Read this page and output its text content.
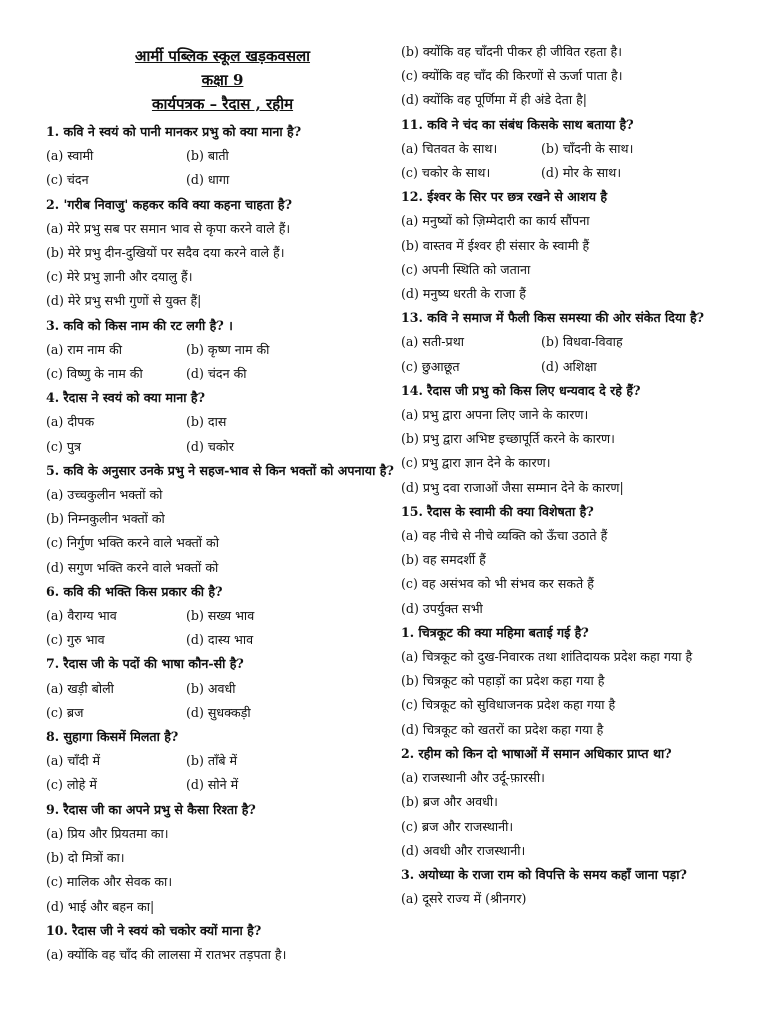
आर्मी पब्लिक स्कूल खड़कवसला
कक्षा 9
कार्यपत्रक – रैदास , रहीम
1. कवि ने स्वयं को पानी मानकर प्रभु को क्या माना है?
(a) स्वामी	(b) बाती
(c) चंदन	(d) धागा
2. 'गरीब निवाजु' कहकर कवि क्या कहना चाहता है?
(a) मेरे प्रभु सब पर समान भाव से कृपा करने वाले हैं।
(b) मेरे प्रभु दीन-दुखियों पर सदैव दया करने वाले हैं।
(c) मेरे प्रभु ज्ञानी और दयालु हैं।
(d) मेरे प्रभु सभी गुणों से युक्त हैं|
3. कवि को किस नाम की रट लगी है? ।
(a) राम नाम की	(b) कृष्ण नाम की
(c) विष्णु के नाम की	(d) चंदन की
4. रैदास ने स्वयं को क्या माना है?
(a) दीपक	(b) दास
(c) पुत्र	(d) चकोर
5. कवि के अनुसार उनके प्रभु ने सहज-भाव से किन भक्तों को अपनाया है?
(a) उच्चकुलीन भक्तों को
(b) निम्नकुलीन भक्तों को
(c) निर्गुण भक्ति करने वाले भक्तों को
(d) सगुण भक्ति करने वाले भक्तों को
6. कवि की भक्ति किस प्रकार की है?
(a) वैराग्य भाव	(b) सख्य भाव
(c) गुरु भाव	(d) दास्य भाव
7. रैदास जी के पदों की भाषा कौन-सी है?
(a) खड़ी बोली	(b) अवधी
(c) ब्रज	(d) सुधक्कड़ी
8. सुहागा किसमें मिलता है?
(a) चाँदी में	(b) ताँबे में
(c) लोहे में	(d) सोने में
9. रैदास जी का अपने प्रभु से कैसा रिश्ता है?
(a) प्रिय और प्रियतमा का।
(b) दो मित्रों का।
(c) मालिक और सेवक का।
(d) भाई और बहन का|
10. रैदास जी ने स्वयं को चकोर क्यों माना है?
(a) क्योंकि वह चाँद की लालसा में रातभर तड़पता है।
(b) क्योंकि वह चाँदनी पीकर ही जीवित रहता है।
(c) क्योंकि वह चाँद की किरणों से ऊर्जा पाता है।
(d) क्योंकि वह पूर्णिमा में ही अंडे देता है|
11. कवि ने चंद का संबंध किसके साथ बताया है?
(a) चितवत के साथ।	(b) चाँदनी के साथ।
(c) चकोर के साथ।	(d) मोर के साथ।
12. ईश्वर के सिर पर छत्र रखने से आशय है
(a) मनुष्यों को ज़िम्मेदारी का कार्य सौंपना
(b) वास्तव में ईश्वर ही संसार के स्वामी हैं
(c) अपनी स्थिति को जताना
(d) मनुष्य धरती के राजा हैं
13. कवि ने समाज में फैली किस समस्या की ओर संकेत दिया है?
(a) सती-प्रथा	(b) विधवा-विवाह
(c) छुआछूत	(d) अशिक्षा
14. रैदास जी प्रभु को किस लिए धन्यवाद दे रहे हैं?
(a) प्रभु द्वारा अपना लिए जाने के कारण।
(b) प्रभु द्वारा अभिष्ट इच्छापूर्ति करने के कारण।
(c) प्रभु द्वारा ज्ञान देने के कारण।
(d) प्रभु दवा राजाओं जैसा सम्मान देने के कारण|
15. रैदास के स्वामी की क्या विशेषता है?
(a) वह नीचे से नीचे व्यक्ति को ऊँचा उठाते हैं
(b) वह समदर्शी हैं
(c) वह असंभव को भी संभव कर सकते हैं
(d) उपर्युक्त सभी
1. चित्रकूट की क्या महिमा बताई गई है?
(a) चित्रकूट को दुख-निवारक तथा शांतिदायक प्रदेश कहा गया है
(b) चित्रकूट को पहाड़ों का प्रदेश कहा गया है
(c) चित्रकूट को सुविधाजनक प्रदेश कहा गया है
(d) चित्रकूट को खतरों का प्रदेश कहा गया है
2. रहीम को किन दो भाषाओं में समान अधिकार प्राप्त था?
(a) राजस्थानी और उर्दू-फ़ारसी।
(b) ब्रज और अवधी।
(c) ब्रज और राजस्थानी।
(d) अवधी और राजस्थानी।
3. अयोध्या के राजा राम को विपत्ति के समय कहाँ जाना पड़ा?
(a) दूसरे राज्य में (श्रीनगर)
